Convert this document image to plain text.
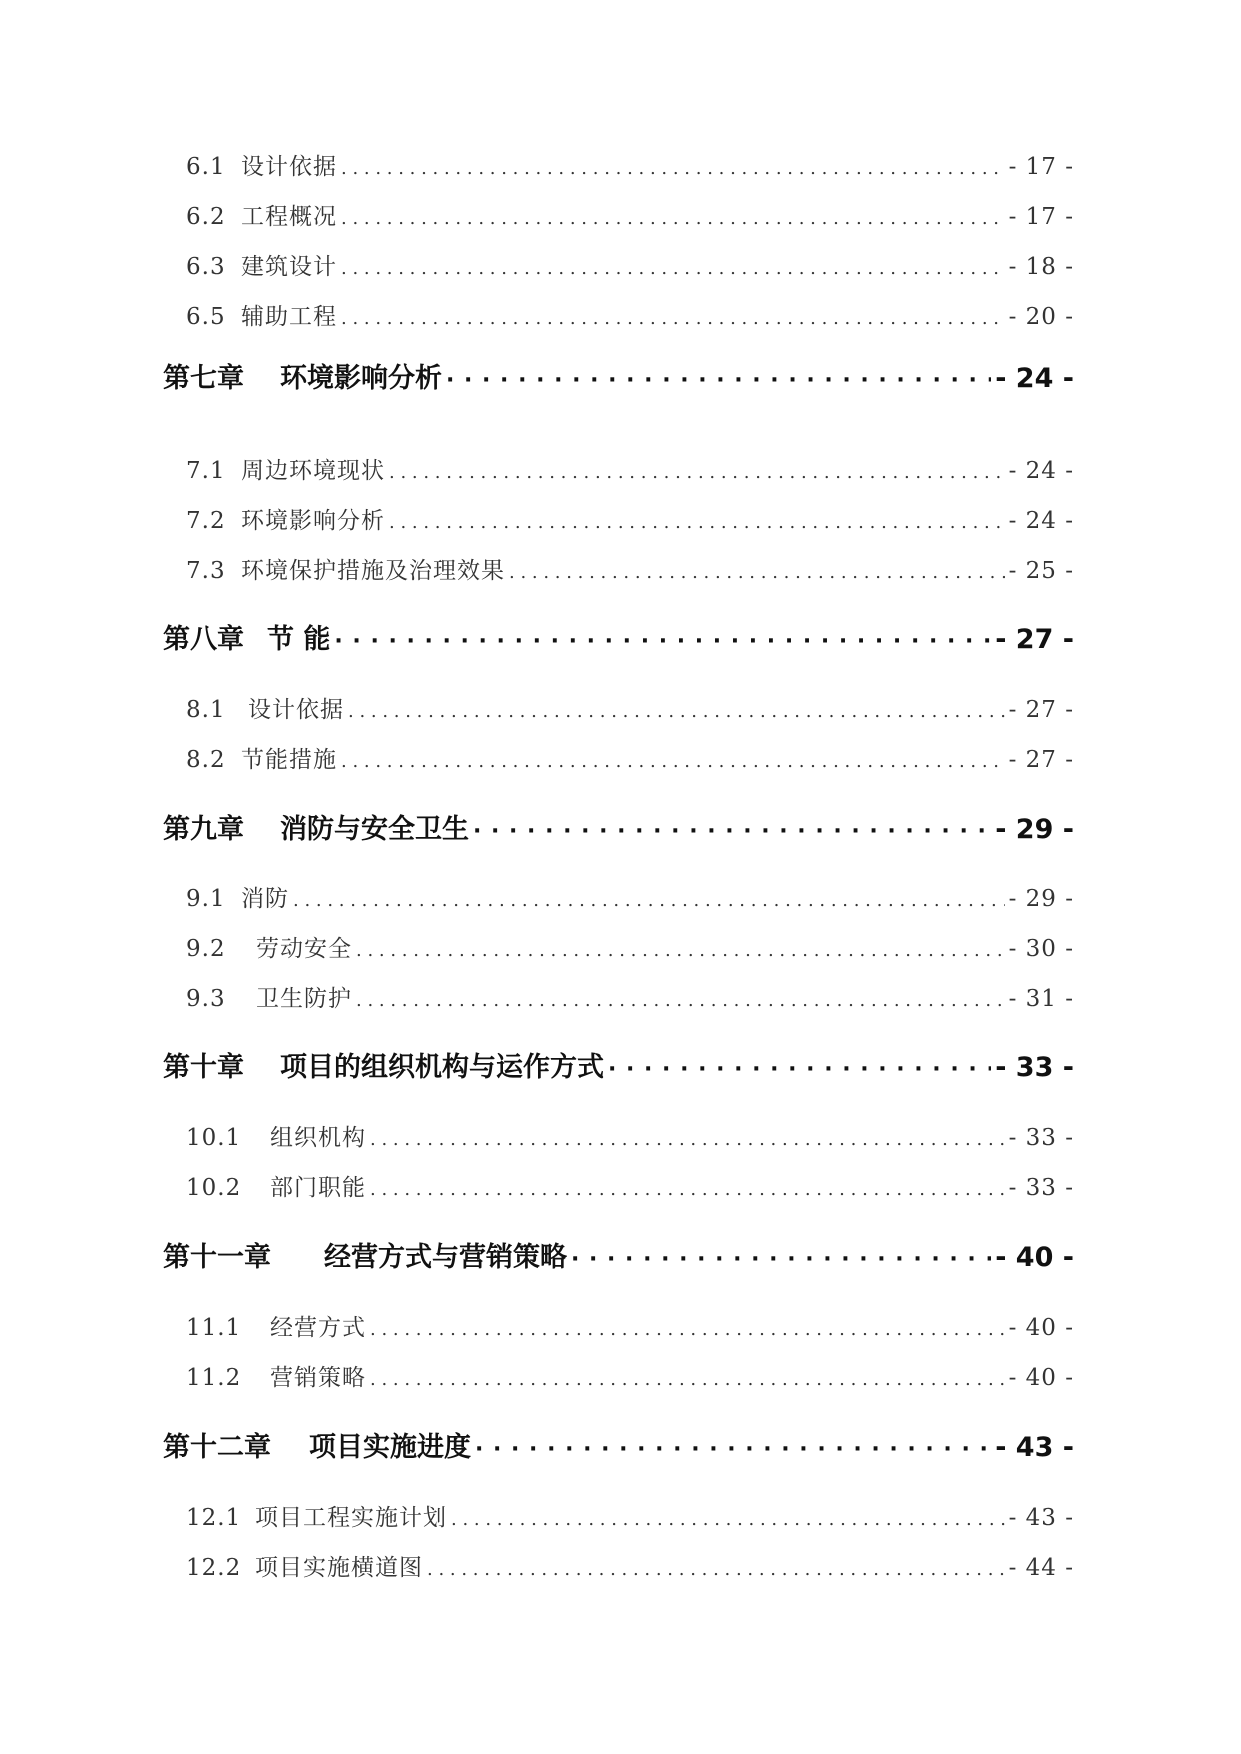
6.1 设计依据 . . .	- 17 -
6.2 工程概况 . . .	- 17 -
6.3 建筑设计 . . .	- 18 -
6.5 辅助工程 . . .	- 20 -
第七章 环境影响分析 · · ·	- 24 -
7.1 周边环境现状 . . .	- 24 -
7.2 环境影响分析 . . .	- 24 -
7.3 环境保护措施及治理效果 . . .	- 25 -
第八章 节 能 · · ·	- 27 -
8.1 设计依据 . . .	- 27 -
8.2 节能措施 . . .	- 27 -
第九章 消防与安全卫生 · · ·	- 29 -
9.1 消防 . . .	- 29 -
9.2 劳动安全 . . .	- 30 -
9.3 卫生防护 . . .	- 31 -
第十章 项目的组织机构与运作方式 · · ·	- 33 -
10.1 组织机构 . . .	- 33 -
10.2 部门职能 . . .	- 33 -
第十一章 经营方式与营销策略 · · ·	- 40 -
11.1 经营方式 . . .	- 40 -
11.2 营销策略 . . .	- 40 -
第十二章 项目实施进度 · · ·	- 43 -
12.1 项目工程实施计划 . . .	- 43 -
12.2 项目实施横道图 . . .	- 44 -
